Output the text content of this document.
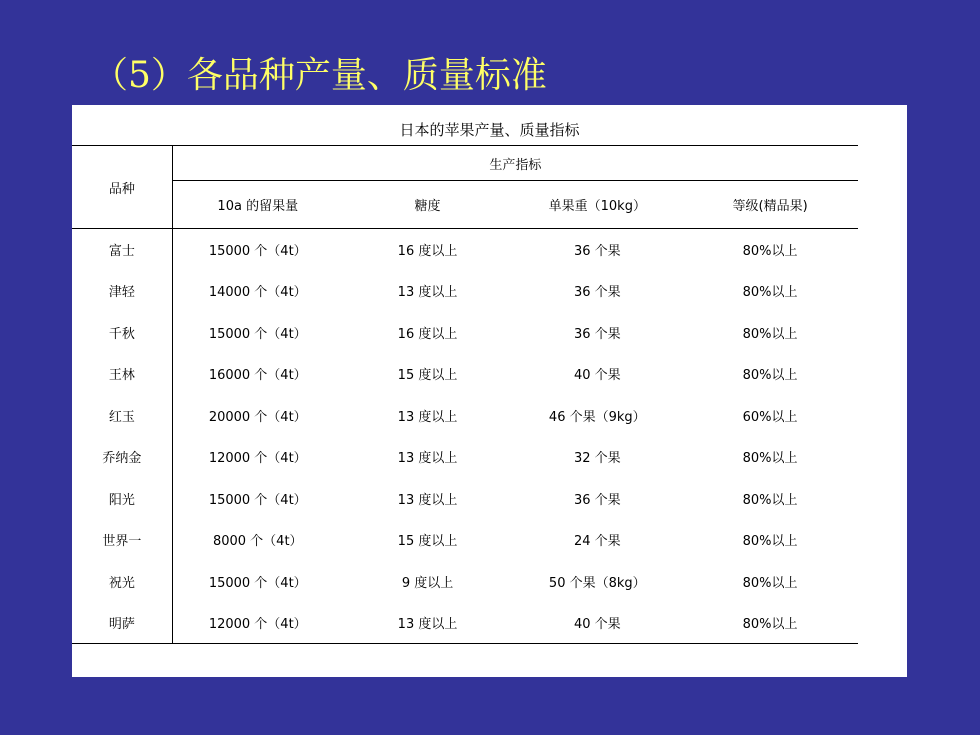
（5）各品种产量、质量标准
日本的苹果产量、质量指标
品种	生产指标			
	10a 的留果量	糖度	单果重（10kg）	等级(精品果)
富士	15000 个（4t）	16 度以上	36 个果	80%以上
津轻	14000 个（4t）	13 度以上	36 个果	80%以上
千秋	15000 个（4t）	16 度以上	36 个果	80%以上
王林	16000 个（4t）	15 度以上	40 个果	80%以上
红玉	20000 个（4t）	13 度以上	46 个果（9kg）	60%以上
乔纳金	12000 个（4t）	13 度以上	32 个果	80%以上
阳光	15000 个（4t）	13 度以上	36 个果	80%以上
世界一	8000 个（4t）	15 度以上	24 个果	80%以上
祝光	15000 个（4t）	9 度以上	50 个果（8kg）	80%以上
明萨	12000 个（4t）	13 度以上	40 个果	80%以上
